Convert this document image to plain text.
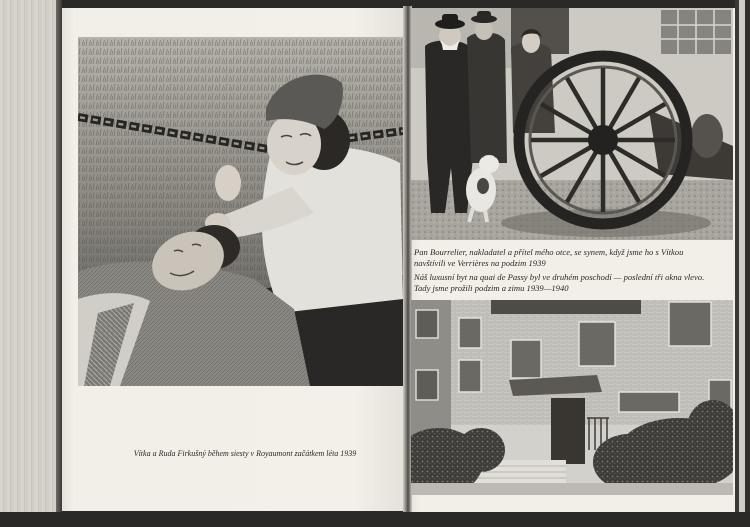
Vítka a Ruda Firkušný během siesty v Royaumont začátkem léta 1939

Pan Bourrelier, nakladatel a přítel mého otce, se synem, když jsme ho s Vítkou navštívili ve Verrières na podzim 1939

Náš luxusní byt na quai de Passy byl ve druhém poschodí — poslední tři okna vlevo. Tady jsme prožili podzim a zimu 1939—1940
